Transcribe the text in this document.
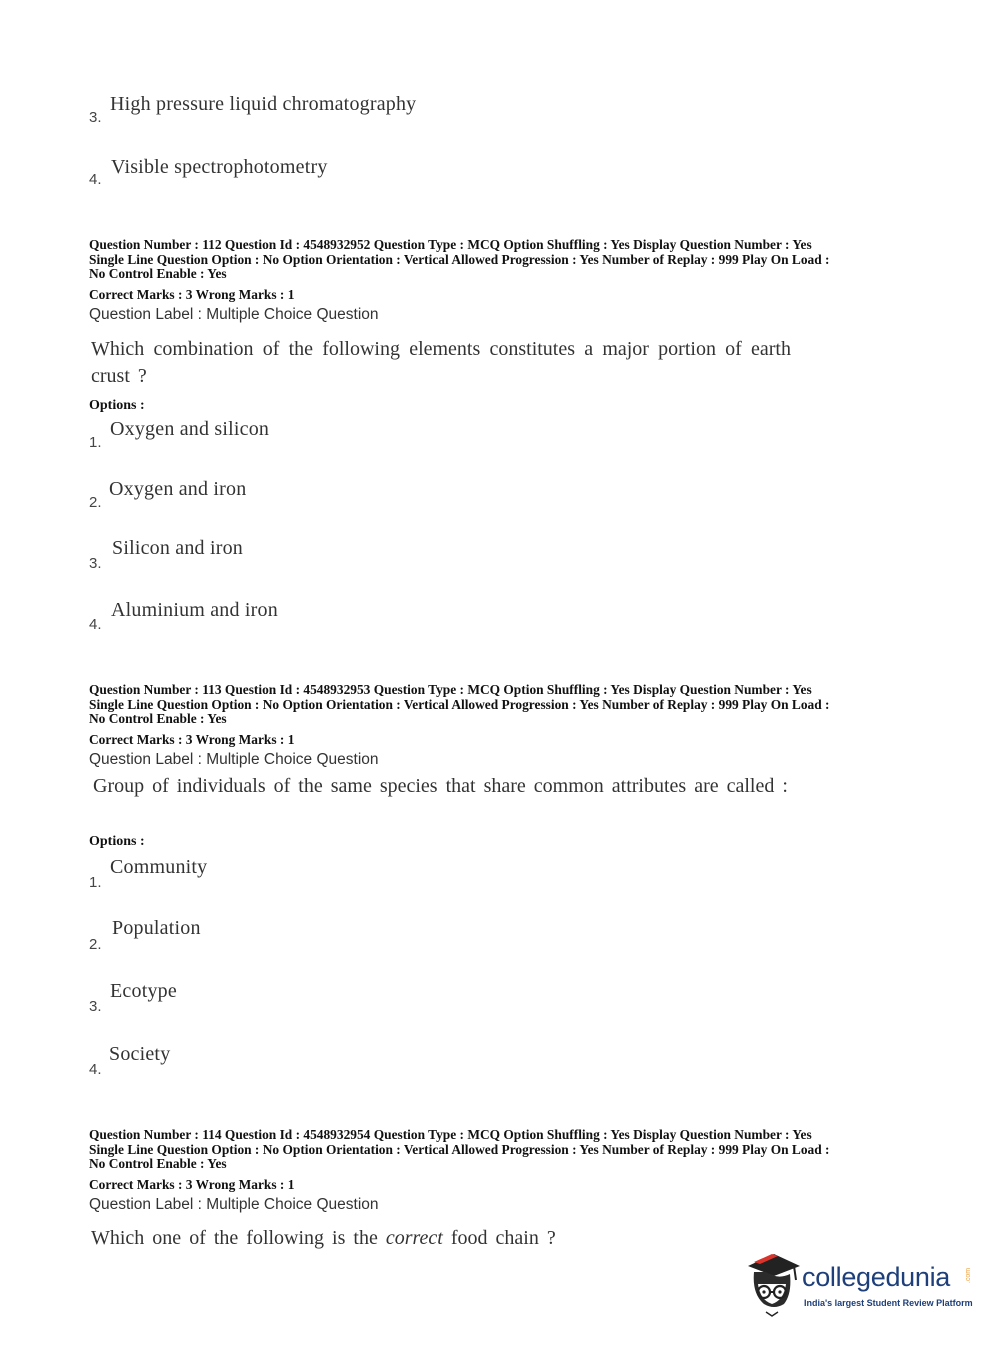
3.
High pressure liquid chromatography
4.
Visible spectrophotometry
Question Number : 112 Question Id : 4548932952 Question Type : MCQ Option Shuffling : Yes Display Question Number : Yes
Single Line Question Option : No Option Orientation : Vertical Allowed Progression : Yes Number of Replay : 999 Play On Load :
No Control Enable : Yes
Correct Marks : 3 Wrong Marks : 1
Question Label : Multiple Choice Question
Which combination of the following elements constitutes a major portion of earth crust ?
Options :
1.
Oxygen and silicon
2.
Oxygen and iron
3.
Silicon and iron
4.
Aluminium and iron
Question Number : 113 Question Id : 4548932953 Question Type : MCQ Option Shuffling : Yes Display Question Number : Yes
Single Line Question Option : No Option Orientation : Vertical Allowed Progression : Yes Number of Replay : 999 Play On Load :
No Control Enable : Yes
Correct Marks : 3 Wrong Marks : 1
Question Label : Multiple Choice Question
Group of individuals of the same species that share common attributes are called :
Options :
1.
Community
2.
Population
3.
Ecotype
4.
Society
Question Number : 114 Question Id : 4548932954 Question Type : MCQ Option Shuffling : Yes Display Question Number : Yes
Single Line Question Option : No Option Orientation : Vertical Allowed Progression : Yes Number of Replay : 999 Play On Load :
No Control Enable : Yes
Correct Marks : 3 Wrong Marks : 1
Question Label : Multiple Choice Question
Which one of the following is the correct food chain ?
collegedunia .com
India's largest Student Review Platform
